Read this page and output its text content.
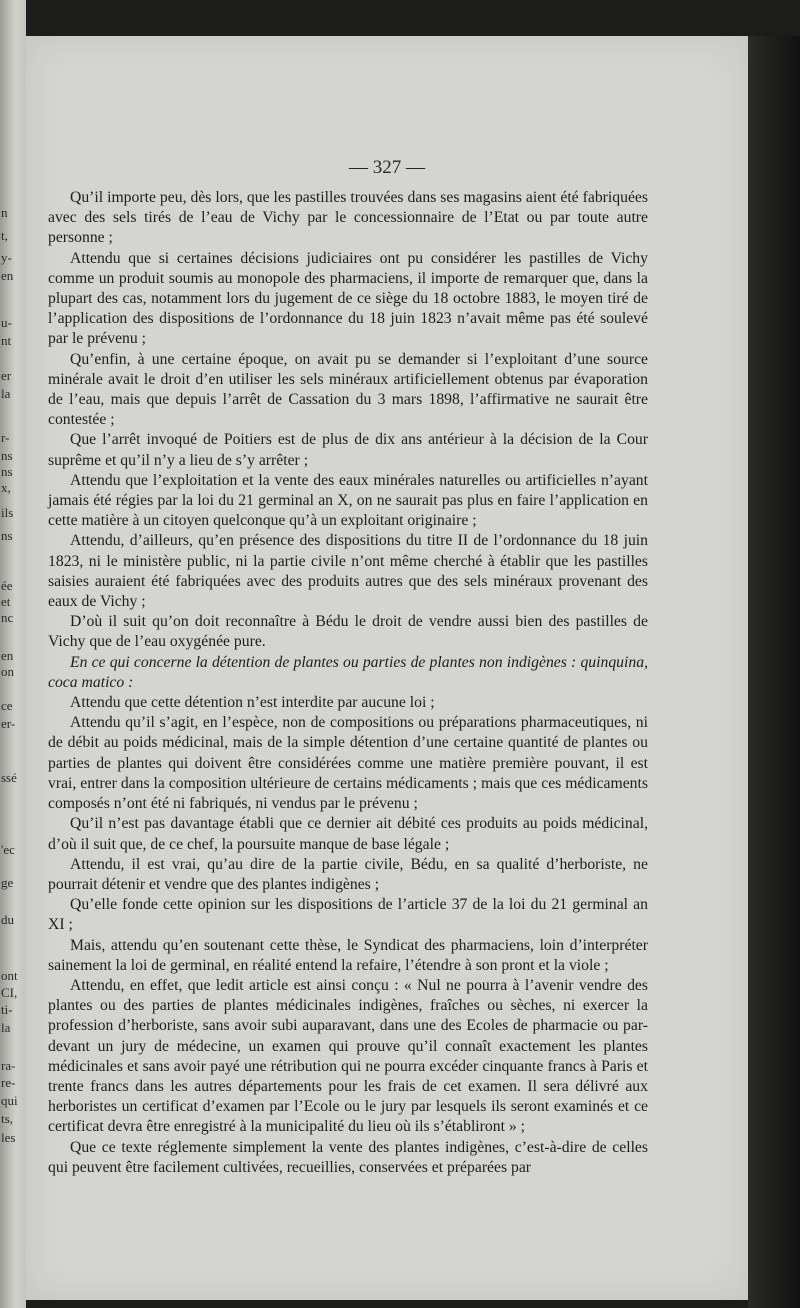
n
t,
y-
en
u-
nt
er
la
r-
ns
ns
x,
ils
ns
ée
et
nc
en
on
ce
er-
ssé
'ec
ge
du
ont
CI,
ti-
la
ra-
re-
qui
ts,
les
— 327 —

Qu’il importe peu, dès lors, que les pastilles trouvées dans ses magasins aient été fabriquées avec des sels tirés de l’eau de Vichy par le concessionnaire de l’Etat ou par toute autre personne ;

Attendu que si certaines décisions judiciaires ont pu considérer les pastilles de Vichy comme un produit soumis au monopole des pharmaciens, il importe de remarquer que, dans la plupart des cas, notamment lors du jugement de ce siège du 18 octobre 1883, le moyen tiré de l’application des dispositions de l’ordonnance du 18 juin 1823 n’avait même pas été soulevé par le prévenu ;

Qu’enfin, à une certaine époque, on avait pu se demander si l’exploitant d’une source minérale avait le droit d’en utiliser les sels minéraux artificiellement obtenus par évaporation de l’eau, mais que depuis l’arrêt de Cassation du 3 mars 1898, l’affirmative ne saurait être contestée ;

Que l’arrêt invoqué de Poitiers est de plus de dix ans antérieur à la décision de la Cour suprême et qu’il n’y a lieu de s’y arrêter ;

Attendu que l’exploitation et la vente des eaux minérales naturelles ou artificielles n’ayant jamais été régies par la loi du 21 germinal an X, on ne saurait pas plus en faire l’application en cette matière à un citoyen quelconque qu’à un exploitant originaire ;

Attendu, d’ailleurs, qu’en présence des dispositions du titre II de l’ordonnance du 18 juin 1823, ni le ministère public, ni la partie civile n’ont même cherché à établir que les pastilles saisies auraient été fabriquées avec des produits autres que des sels minéraux provenant des eaux de Vichy ;

D’où il suit qu’on doit reconnaître à Bédu le droit de vendre aussi bien des pastilles de Vichy que de l’eau oxygénée pure.

En ce qui concerne la détention de plantes ou parties de plantes non indigènes : quinquina, coca matico :

Attendu que cette détention n’est interdite par aucune loi ;

Attendu qu’il s’agit, en l’espèce, non de compositions ou préparations pharmaceutiques, ni de débit au poids médicinal, mais de la simple détention d’une certaine quantité de plantes ou parties de plantes qui doivent être considérées comme une matière première pouvant, il est vrai, entrer dans la composition ultérieure de certains médicaments ; mais que ces médicaments composés n’ont été ni fabriqués, ni vendus par le prévenu ;

Qu’il n’est pas davantage établi que ce dernier ait débité ces produits au poids médicinal, d’où il suit que, de ce chef, la poursuite manque de base légale ;

Attendu, il est vrai, qu’au dire de la partie civile, Bédu, en sa qualité d’herboriste, ne pourrait détenir et vendre que des plantes indigènes ;

Qu’elle fonde cette opinion sur les dispositions de l’article 37 de la loi du 21 germinal an XI ;

Mais, attendu qu’en soutenant cette thèse, le Syndicat des pharmaciens, loin d’interpréter sainement la loi de germinal, en réalité entend la refaire, l’étendre à son pront et la viole ;

Attendu, en effet, que ledit article est ainsi conçu : « Nul ne pourra à l’avenir vendre des plantes ou des parties de plantes médicinales indigènes, fraîches ou sèches, ni exercer la profession d’herboriste, sans avoir subi auparavant, dans une des Ecoles de pharmacie ou par-devant un jury de médecine, un examen qui prouve qu’il connaît exactement les plantes médicinales et sans avoir payé une rétribution qui ne pourra excéder cinquante francs à Paris et trente francs dans les autres départements pour les frais de cet examen. Il sera délivré aux herboristes un certificat d’examen par l’Ecole ou le jury par lesquels ils seront examinés et ce certificat devra être enregistré à la municipalité du lieu où ils s’établiront » ;

Que ce texte réglemente simplement la vente des plantes indigènes, c’est-à-dire de celles qui peuvent être facilement cultivées, recueillies, conservées et préparées par
